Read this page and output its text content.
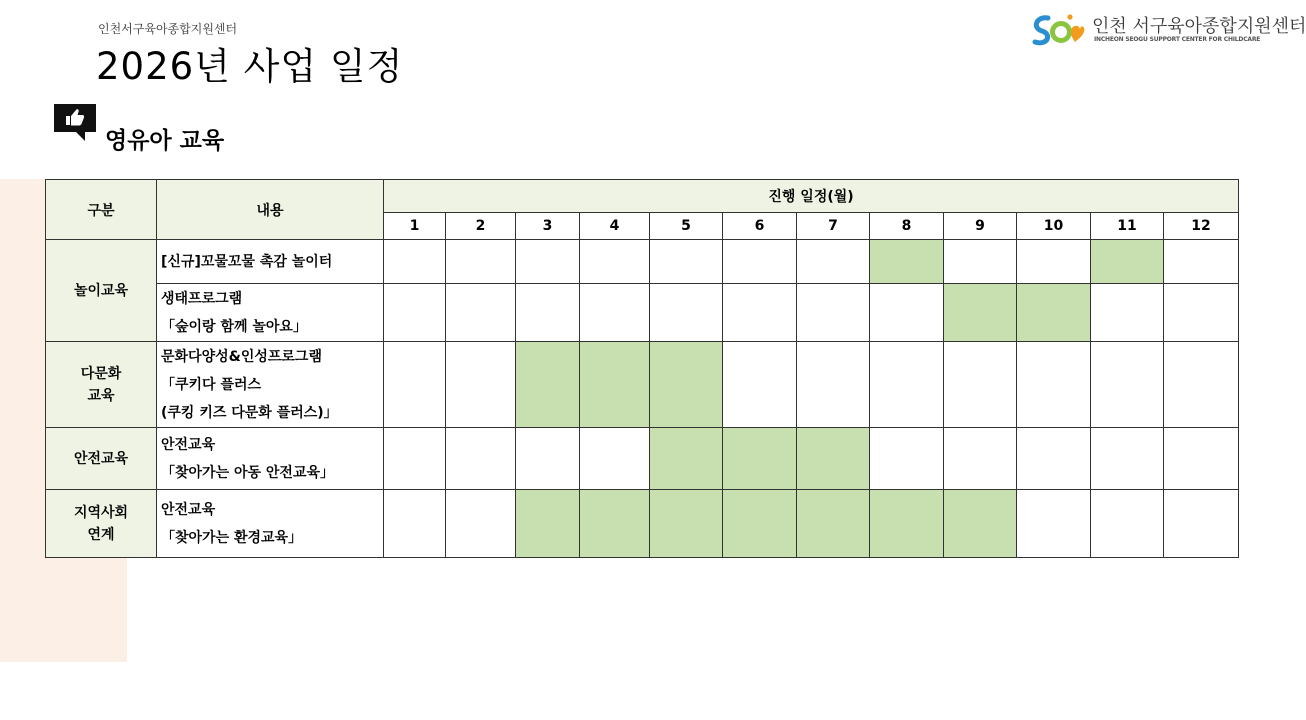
인천서구육아종합지원센터
2026년 사업 일정
인천 서구육아종합지원센터
INCHEON SEOGU SUPPORT CENTER FOR CHILDCARE
영유아 교육
구분	내용	진행 일정(월)											
		1	2	3	4	5	6	7	8	9	10	11	12

놀이교육	[신규]꼬물꼬물 촉감 놀이터												

	생태프로그램
「숲이랑 함께 놀아요」												

다문화
교육	문화다양성&인성프로그램
「쿠키다 플러스
(쿠킹 키즈 다문화 플러스)」												

안전교육	안전교육
「찾아가는 아동 안전교육」												

지역사회
연계	안전교육
「찾아가는 환경교육」												
